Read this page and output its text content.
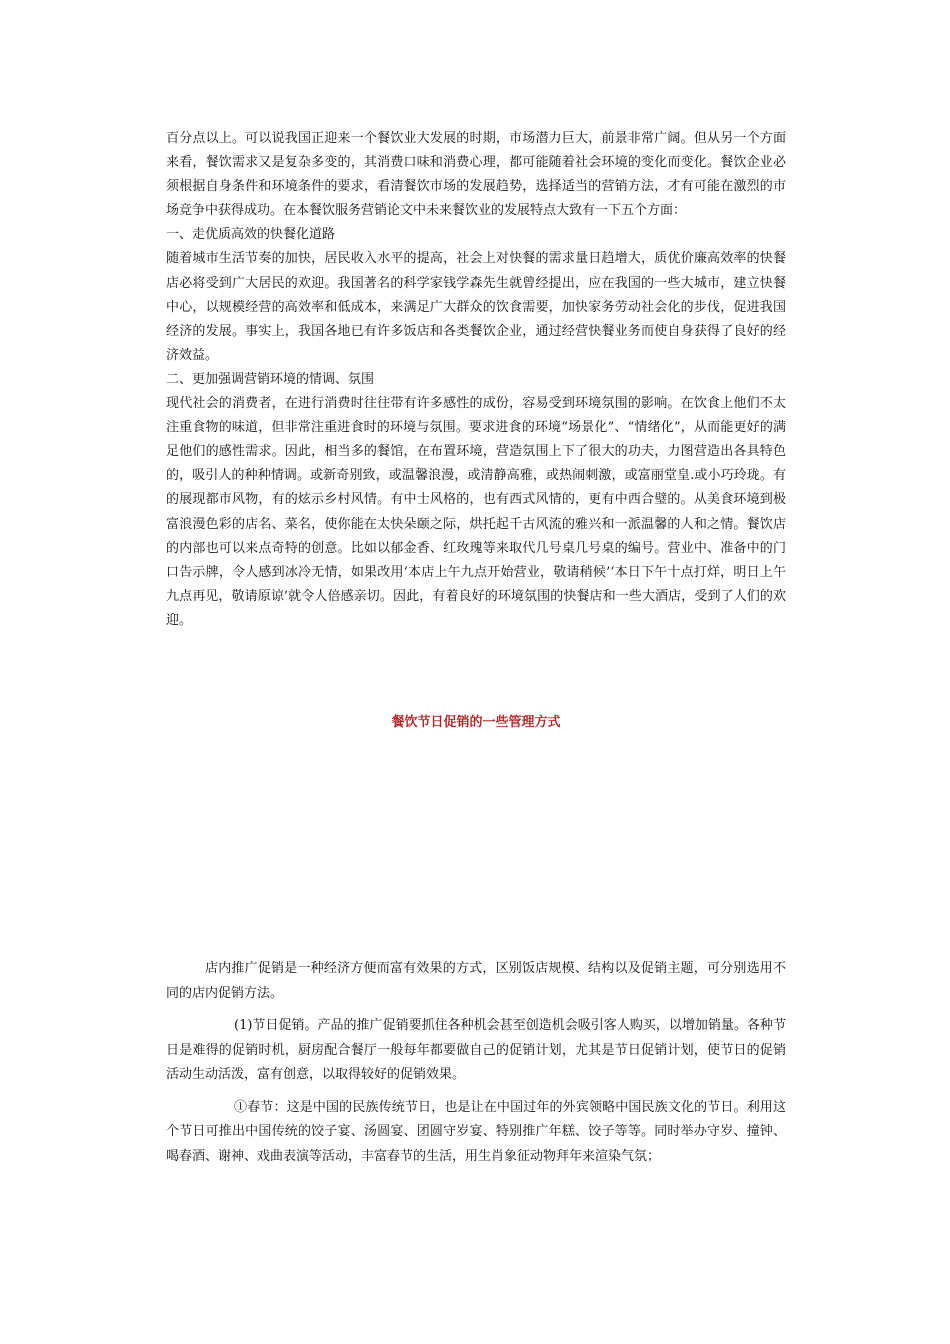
百分点以上。可以说我国正迎来一个餐饮业大发展的时期，市场潜力巨大，前景非常广阔。但从另一个方面来看，餐饮需求又是复杂多变的，其消费口味和消费心理，都可能随着社会环境的变化而变化。餐饮企业必须根据自身条件和环境条件的要求，看清餐饮市场的发展趋势，选择适当的营销方法，才有可能在激烈的市场竞争中获得成功。在本餐饮服务营销论文中未来餐饮业的发展特点大致有一下五个方面：

一、走优质高效的快餐化道路

随着城市生活节奏的加快，居民收入水平的提高，社会上对快餐的需求量日趋增大，质优价廉高效率的快餐店必将受到广大居民的欢迎。我国著名的科学家钱学森先生就曾经提出，应在我国的一些大城市，建立快餐中心，以规模经营的高效率和低成本，来满足广大群众的饮食需要，加快家务劳动社会化的步伐，促进我国经济的发展。事实上，我国各地已有许多饭店和各类餐饮企业，通过经营快餐业务而使自身获得了良好的经济效益。

二、更加强调营销环境的情调、氛围

现代社会的消费者，在进行消费时往往带有许多感性的成份，容易受到环境氛围的影响。在饮食上他们不太注重食物的味道，但非常注重进食时的环境与氛围。要求进食的环境“场景化”、“情绪化”，从而能更好的满足他们的感性需求。因此，相当多的餐馆，在布置环境，营造氛围上下了很大的功夫，力图营造出各具特色的，吸引人的种种情调。或新奇别致，或温馨浪漫，或清静高雅，或热闹刺激，或富丽堂皇.或小巧玲珑。有的展现都市风物，有的炫示乡村风情。有中士风格的，也有西式风情的，更有中西合璧的。从美食环境到极富浪漫色彩的店名、菜名，使你能在太快朵颐之际，烘托起千古风流的雅兴和一派温馨的人和之情。餐饮店的内部也可以来点奇特的创意。比如以郁金香、红玫瑰等来取代几号桌几号桌的编号。营业中、准备中的门口告示牌，令人感到冰冷无情，如果改用‘本店上午九点开始营业，敬请稍候’‘本日下午十点打烊，明日上午九点再见，敬请原谅’就令人倍感亲切。因此，有着良好的环境氛围的快餐店和一些大酒店，受到了人们的欢迎。

餐饮节日促销的一些管理方式

店内推广促销是一种经济方便而富有效果的方式，区别饭店规模、结构以及促销主题，可分别选用不同的店内促销方法。

(1)节日促销。产品的推广促销要抓住各种机会甚至创造机会吸引客人购买，以增加销量。各种节日是难得的促销时机，厨房配合餐厅一般每年都要做自己的促销计划，尤其是节日促销计划，使节日的促销活动生动活泼，富有创意，以取得较好的促销效果。

①春节：这是中国的民族传统节日，也是让在中国过年的外宾领略中国民族文化的节日。利用这个节日可推出中国传统的饺子宴、汤圆宴、团圆守岁宴、特别推广年糕、饺子等等。同时举办守岁、撞钟、喝春酒、谢神、戏曲表演等活动，丰富春节的生活，用生肖象征动物拜年来渲染气氛；
